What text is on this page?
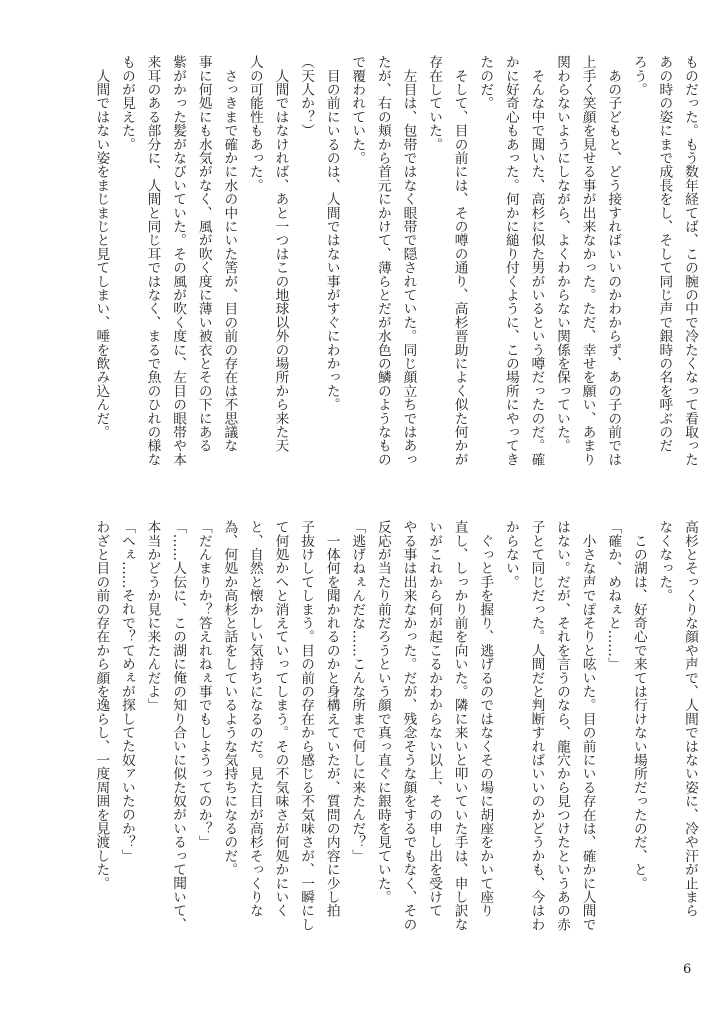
ものだった。もう数年経てば、この腕の中で冷たくなって看取った
あの時の姿にまで成長をし、そして同じ声で銀時の名を呼ぶのだ
ろう。
　あの子どもと、どう接すればいいのかわからず、あの子の前では
上手く笑顔を見せる事が出来なかった。ただ、幸せを願い、あまり
関わらないようにしながら、よくわからない関係を保っていた。
　そんな中で聞いた、高杉に似た男がいるという噂だったのだ。確
かに好奇心もあった。何かに縋り付くように、この場所にやってき
たのだ。
　そして、目の前には、その噂の通り、高杉晋助によく似た何かが
存在していた。
　左目は、包帯ではなく眼帯で隠されていた。同じ顔立ちではあっ
たが、右の頬から首元にかけて、薄らとだが水色の鱗のようなもの
で覆われていた。
　目の前にいるのは、人間ではない事がすぐにわかった。
（天人か？）
　人間ではなければ、あと一つはこの地球以外の場所から来た天
人の可能性もあった。
　さっきまで確かに水の中にいた筈が、目の前の存在は不思議な
事に何処にも水気がなく、風が吹く度に薄い被衣とその下にある
紫がかった髪がなびいていた。その風が吹く度に、左目の眼帯や本
来耳のある部分に、人間と同じ耳ではなく、まるで魚のひれの様な
ものが見えた。
　人間ではない姿をまじまじと見てしまい、唾を飲み込んだ。
高杉とそっくりな顔や声で、人間ではない姿に、冷や汗が止まら
なくなった。
　この湖は、好奇心で来ては行けない場所だったのだ、と。
「確か、めねぇと……」
　小さな声でぽそりと呟いた。目の前にいる存在は、確かに人間で
はない。だが、それを言うのなら、龍穴から見つけたというあの赤
子とて同じだった。人間だと判断すればいいのかどうかも、今はわ
からない。
　ぐっと手を握り、逃げるのではなくその場に胡座をかいて座り
直し、しっかり前を向いた。隣に来いと叩いていた手は、申し訳な
いがこれから何が起こるかわからない以上、その申し出を受けて
やる事は出来なかった。だが、残念そうな顔をするでもなく、その
反応が当たり前だろうという顔で真っ直ぐに銀時を見ていた。
「逃げねぇんだな……こんな所まで何しに来たんだ？」
　一体何を聞かれるのかと身構えていたが、質問の内容に少し拍
子抜けしてしまう。目の前の存在から感じる不気味さが、一瞬にし
て何処かへと消えていってしまう。その不気味さが何処かにいく
と、自然と懐かしい気持ちになるのだ。見た目が高杉そっくりな
為、何処か高杉と話をしているような気持ちになるのだ。
「だんまりか？答えれねぇ事でもしようってのか？」
「……人伝に、この湖に俺の知り合いに似た奴がいるって聞いて、
本当かどうか見に来たんだよ」
「へぇ……それで？てめぇが探してた奴ァいたのか？」
わざと目の前の存在から顔を逸らし、一度周囲を見渡した。
6
